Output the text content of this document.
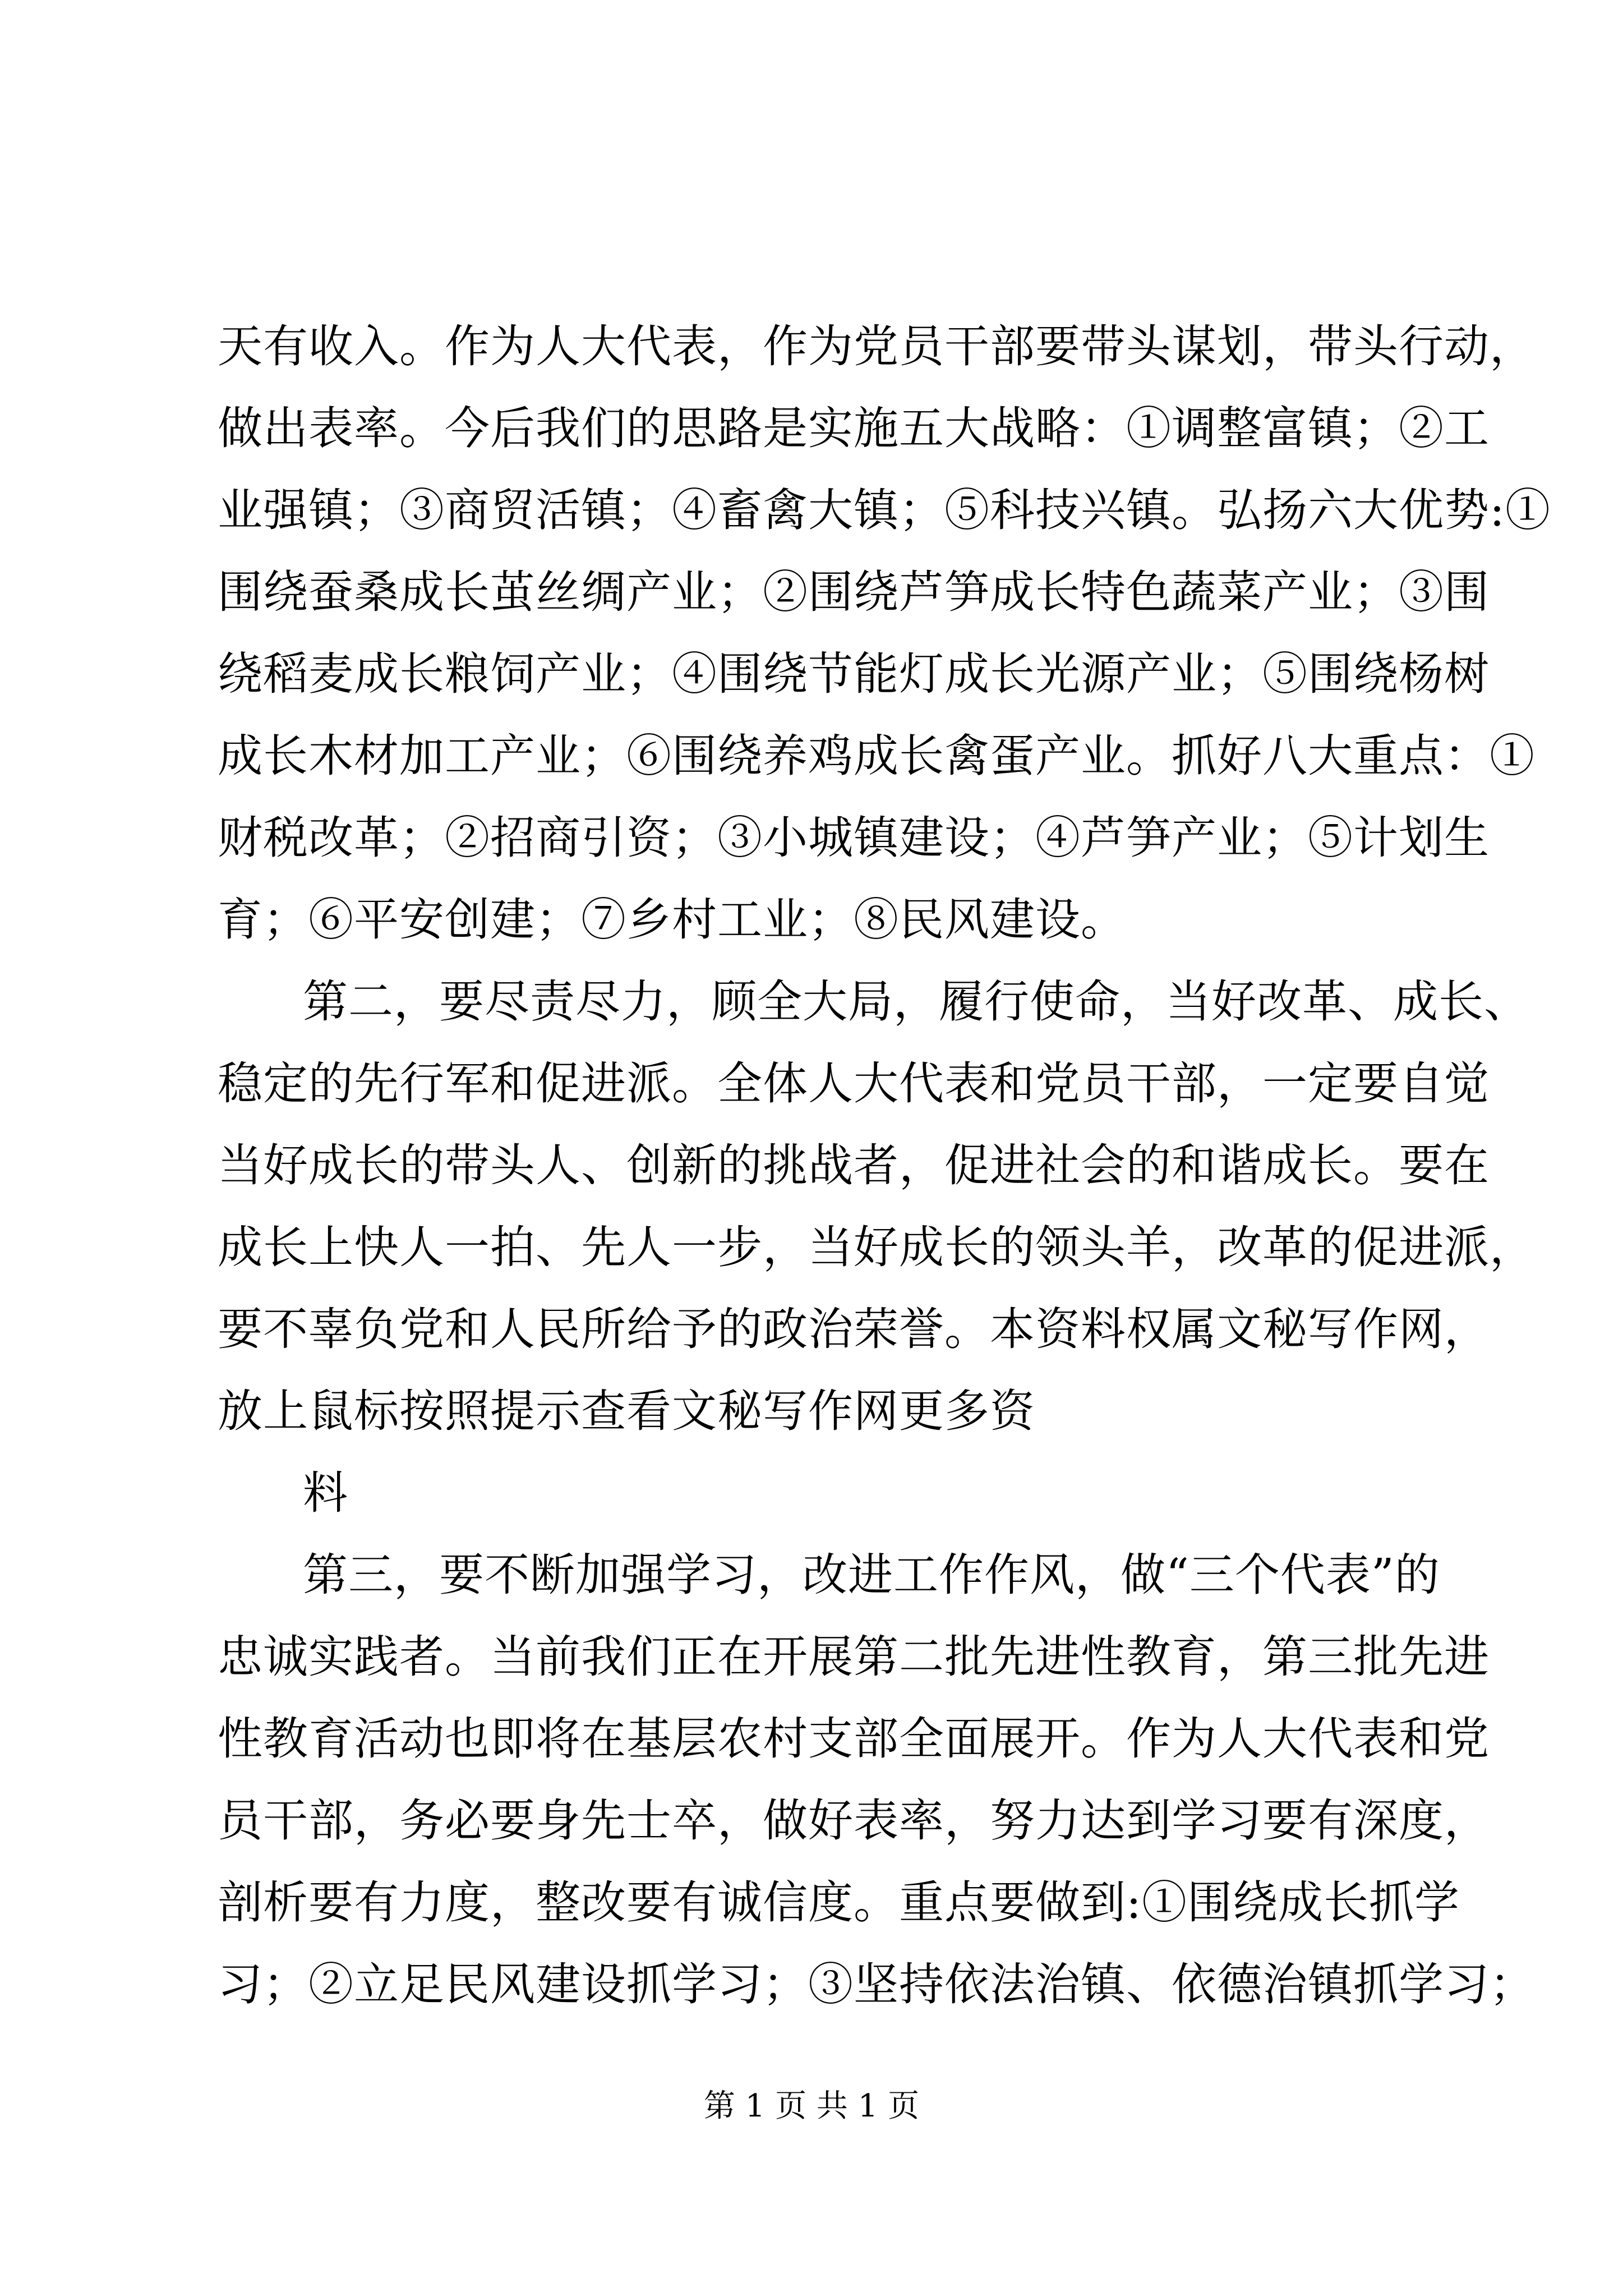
天有收入。作为人大代表，作为党员干部要带头谋划，带头行动，
做出表率。今后我们的思路是实施五大战略：①调整富镇；②工
业强镇；③商贸活镇；④畜禽大镇；⑤科技兴镇。弘扬六大优势:①
围绕蚕桑成长茧丝绸产业；②围绕芦笋成长特色蔬菜产业；③围
绕稻麦成长粮饲产业；④围绕节能灯成长光源产业；⑤围绕杨树
成长木材加工产业；⑥围绕养鸡成长禽蛋产业。抓好八大重点：①
财税改革；②招商引资；③小城镇建设；④芦笋产业；⑤计划生
育；⑥平安创建；⑦乡村工业；⑧民风建设。
第二，要尽责尽力，顾全大局，履行使命，当好改革、成长、
稳定的先行军和促进派。全体人大代表和党员干部，一定要自觉
当好成长的带头人、创新的挑战者，促进社会的和谐成长。要在
成长上快人一拍、先人一步，当好成长的领头羊，改革的促进派，
要不辜负党和人民所给予的政治荣誉。本资料权属文秘写作网，
放上鼠标按照提示查看文秘写作网更多资
料
第三，要不断加强学习，改进工作作风，做“三个代表”的
忠诚实践者。当前我们正在开展第二批先进性教育，第三批先进
性教育活动也即将在基层农村支部全面展开。作为人大代表和党
员干部，务必要身先士卒，做好表率，努力达到学习要有深度，
剖析要有力度，整改要有诚信度。重点要做到:①围绕成长抓学
习；②立足民风建设抓学习；③坚持依法治镇、依德治镇抓学习；
第 1 页 共 1 页
